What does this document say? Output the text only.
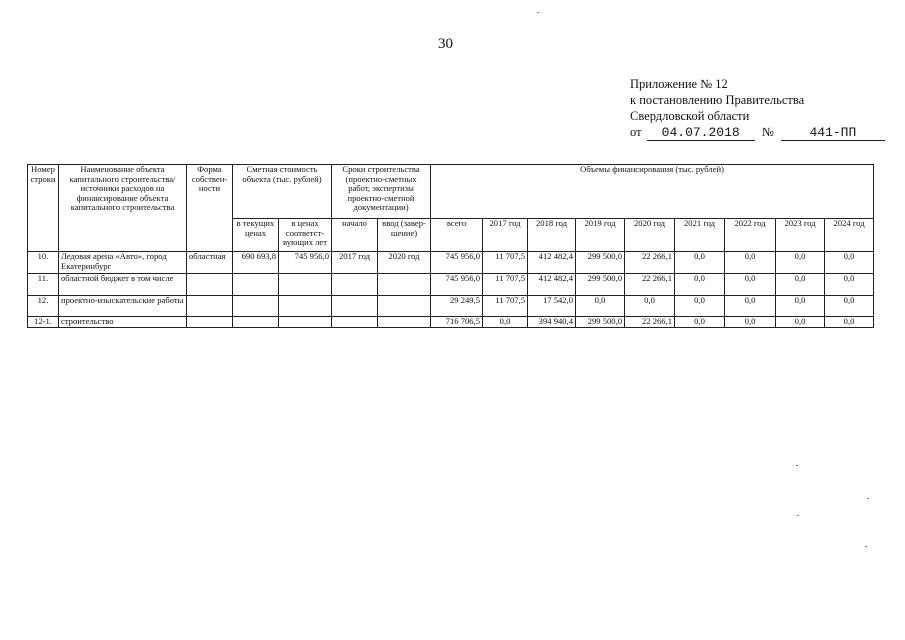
30
Приложение № 12
к постановлению Правительства
Свердловской области
от 04.07.2018 №	441-ПП
Номер строки	Наименование объекта капитального строительства/ источники расходов на финансирование объекта капитального строительства	Форма собствен-ности	Сметная стоимость объекта (тыс. рублей)		Сроки строительства (проектно-сметных работ, экспертизы проектно-сметной документации)		Объемы финансирования (тыс. рублей)								
			в текущих ценах	в ценах соответст-вующих лет	начало	ввод (завер-шение)	всего	2017 год	2018 год	2019 год	2020 год	2021 год	2022 год	2023 год	2024 год
10.	Ледовая арена «Авто», город Екатеринбург	областная	690 693,8	745 956,0	2017 год	2020 год	745 956,0	11 707,5	412 482,4	299 500,0	22 266,1	0,0	0,0	0,0	0,0
11.	областной бюджет в том числе						745 956,0	11 707,5	412 482,4	299 500,0	22 266,1	0,0	0,0	0,0	0,0
12.	проектно-изыскательские работы						29 249,5	11 707,5	17 542,0	0,0	0,0	0,0	0,0	0,0	0,0
12-1.	строительство						716 706,5	0,0	394 940,4	299 500,0	22 266,1	0,0	0,0	0,0	0,0
